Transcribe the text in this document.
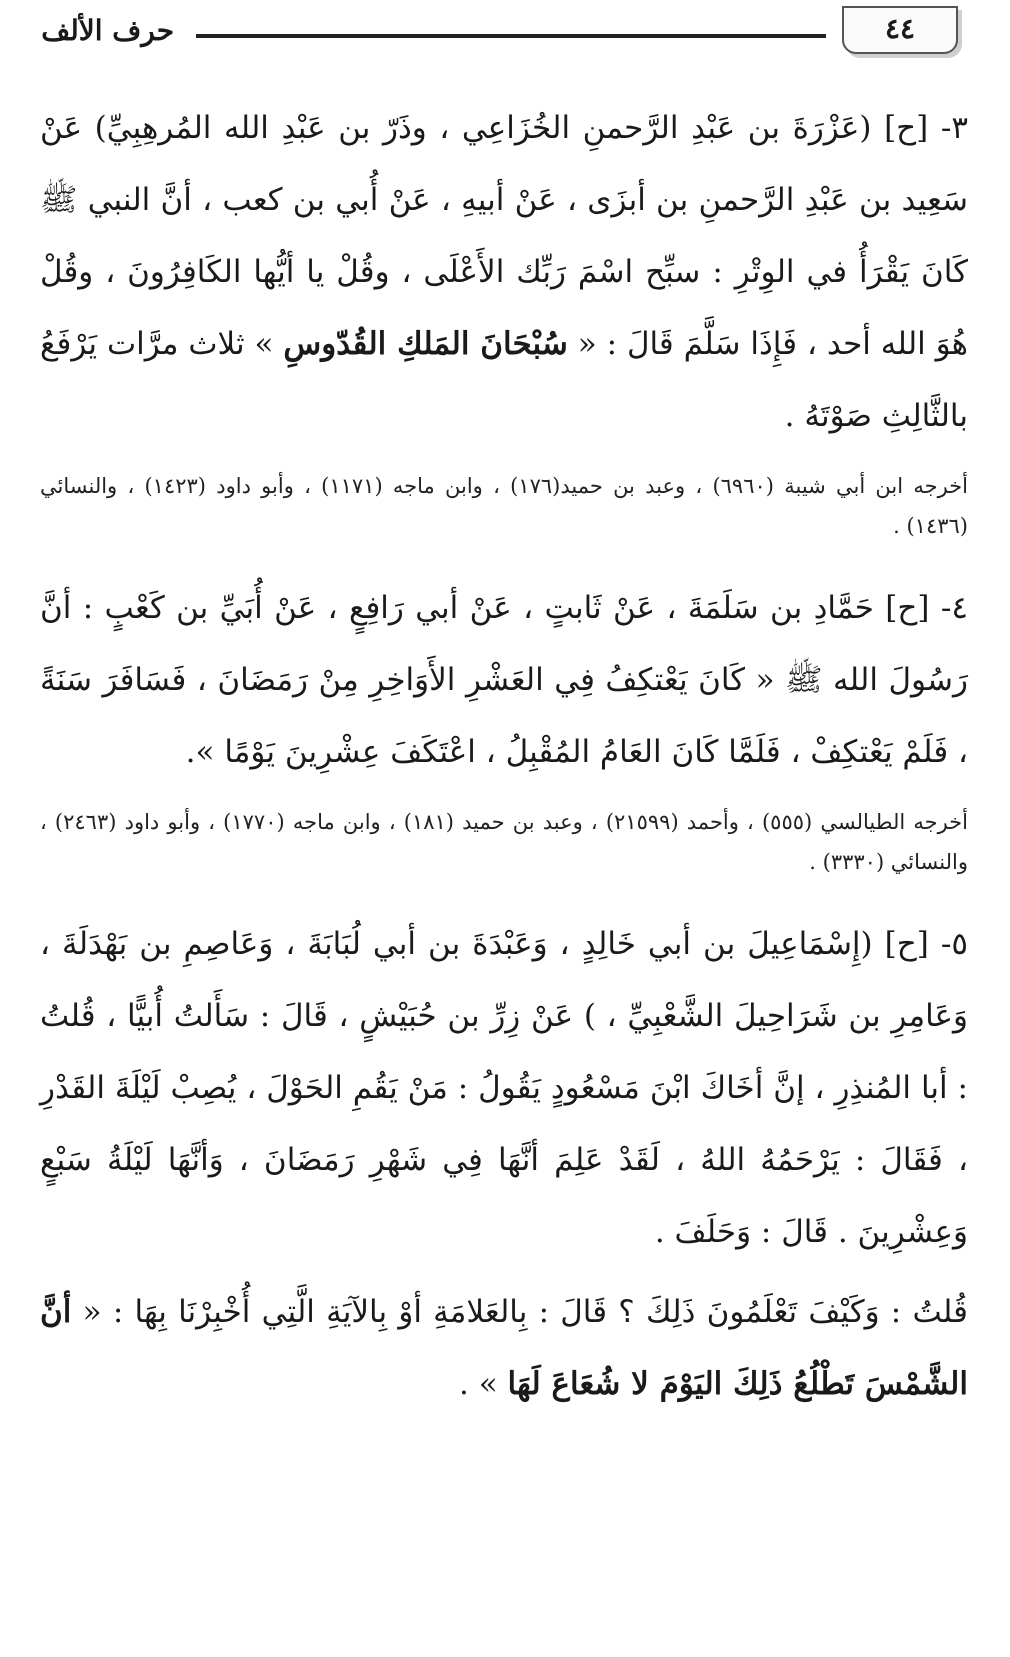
٤٤
حرف الألف

٣- [ح] (عَزْرَةَ بن عَبْدِ الرَّحمنِ الخُزَاعِي ، وذَرّ بن عَبْدِ الله المُرهِبِيِّ) عَنْ سَعِيد بن عَبْدِ الرَّحمنِ بن أبزَى ، عَنْ أبيهِ ، عَنْ أُبي بن كعب ، أنَّ النبي ﷺ كَانَ يَقْرَأُ في الوِتْرِ : سبِّح اسْمَ رَبِّك الأَعْلَى ، وقُلْ يا أيُّها الكَافِرُونَ ، وقُلْ هُوَ الله أحد ، فَإِذَا سَلَّمَ قَالَ : « سُبْحَانَ المَلكِ القُدّوسِ » ثلاث مرَّات يَرْفَعُ بالثَّالِثِ صَوْتَهُ .

أخرجه ابن أبي شيبة (٦٩٦٠) ، وعبد بن حميد(١٧٦) ، وابن ماجه (١١٧١) ، وأبو داود (١٤٢٣) ، والنسائي (١٤٣٦) .

٤- [ح] حَمَّادِ بن سَلَمَةَ ، عَنْ ثَابتٍ ، عَنْ أبي رَافِعٍ ، عَنْ أُبَيِّ بن كَعْبٍ : أنَّ رَسُولَ الله ﷺ « كَانَ يَعْتكِفُ فِي العَشْرِ الأَوَاخِرِ مِنْ رَمَضَانَ ، فَسَافَرَ سَنَةً ، فَلَمْ يَعْتكِفْ ، فَلَمَّا كَانَ العَامُ المُقْبِلُ ، اعْتَكَفَ عِشْرِينَ يَوْمًا ».

أخرجه الطيالسي (٥٥٥) ، وأحمد (٢١٥٩٩) ، وعبد بن حميد (١٨١) ، وابن ماجه (١٧٧٠) ، وأبو داود (٢٤٦٣) ، والنسائي (٣٣٣٠) .

٥- [ح] (إِسْمَاعِيلَ بن أبي خَالِدٍ ، وَعَبْدَةَ بن أبي لُبَابَةَ ، وَعَاصِمِ بن بَهْدَلَةَ ، وَعَامِرِ بن شَرَاحِيلَ الشَّعْبِيِّ ، ) عَنْ زِرِّ بن حُبَيْشٍ ، قَالَ : سَأَلتُ أُبيًّا ، قُلتُ : أبا المُنذِرِ ، إنَّ أخَاكَ ابْنَ مَسْعُودٍ يَقُولُ : مَنْ يَقُمِ الحَوْلَ ، يُصِبْ لَيْلَةَ القَدْرِ ، فَقَالَ : يَرْحَمُهُ اللهُ ، لَقَدْ عَلِمَ أنَّهَا فِي شَهْرِ رَمَضَانَ ، وَأنَّهَا لَيْلَةُ سَبْعٍ وَعِشْرِينَ . قَالَ : وَحَلَفَ .

قُلتُ : وَكَيْفَ تَعْلَمُونَ ذَلِكَ ؟ قَالَ : بِالعَلامَةِ أوْ بِالآيَةِ الَّتِي أُخْبِرْنَا بِهَا : « أنَّ الشَّمْسَ تَطْلُعُ ذَلِكَ اليَوْمَ لا شُعَاعَ لَهَا » .
